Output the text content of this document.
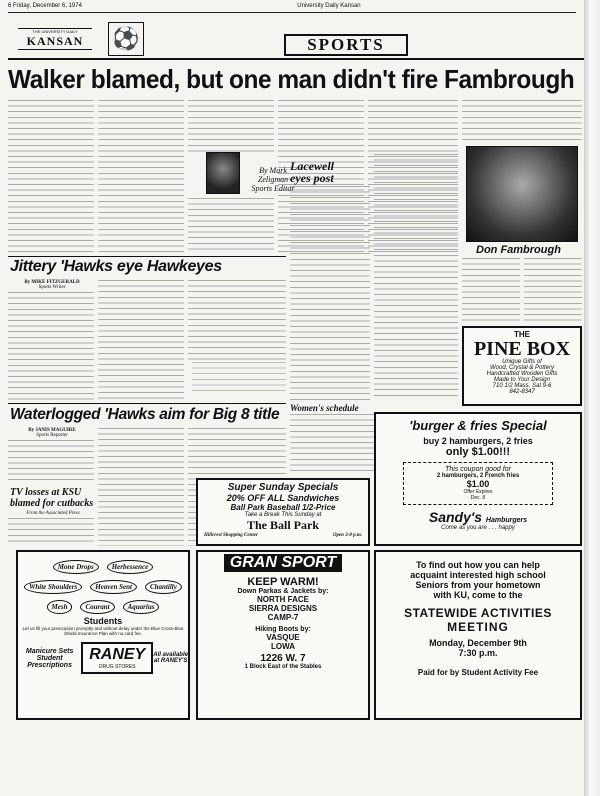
6 Friday, December 6, 1974	University Daily Kansan
THE UNIVERSITY DAILY
KANSAN	⚽	SPORTS
Walker blamed, but one man didn't fire Fambrough
By Mark Zeligman
Sports Editor
Lacewell
eyes post
Don Fambrough
Jittery 'Hawks eye Hawkeyes
By MIKE FITZGERALD
Sports Writer
Waterlogged 'Hawks aim for Big 8 title
By JANIS MAGUIRE
Sports Reporter
TV losses at KSU blamed for cutbacks
From the Associated Press
Women's schedule
THE
PINE BOX
Unique Gifts of
Wood, Crystal & Pottery
Handcrafted Wooden Gifts
Made to Your Design
710 1/2 Mass. Sat 9-6
842-8347
'burger & fries Special
buy 2 hamburgers, 2 fries
only $1.00!!!
This coupon good for
2 hamburgers, 2 French fries
$1.00
Offer Expires
Dec. 8
Sandy's Hamburgers
Come as you are . . . happy
Super Sunday Specials
20% OFF ALL Sandwiches
Ball Park Baseball 1/2-Price
Take a Break This Sunday at
The Ball Park
Hillcrest Shopping Center	Open 3-8 p.m.
Mone Drops	Herbessence White Shoulders	Heaven Sent	Chantilly Mesh	Courant	Aquarius
Students
Let us fill your prescription promptly and without delay under the Blue Cross-Blue Shield Insurance Plan with no card fee.
Manicure Sets
Student Prescriptions
RANEY
DRUG STORES
All available at RANEY'S
GRAN SPORT
KEEP WARM!
Down Parkas & Jackets by:
NORTH FACE
SIERRA DESIGNS
CAMP-7
Hiking Boots by:
VASQUE
LOWA
1226 W. 7
1 Block East of the Stables
To find out how you can help
acquaint interested high school
Seniors from your hometown
with KU, come to the
STATEWIDE ACTIVITIES
MEETING
Monday, December 9th
7:30 p.m.
Paid for by Student Activity Fee
